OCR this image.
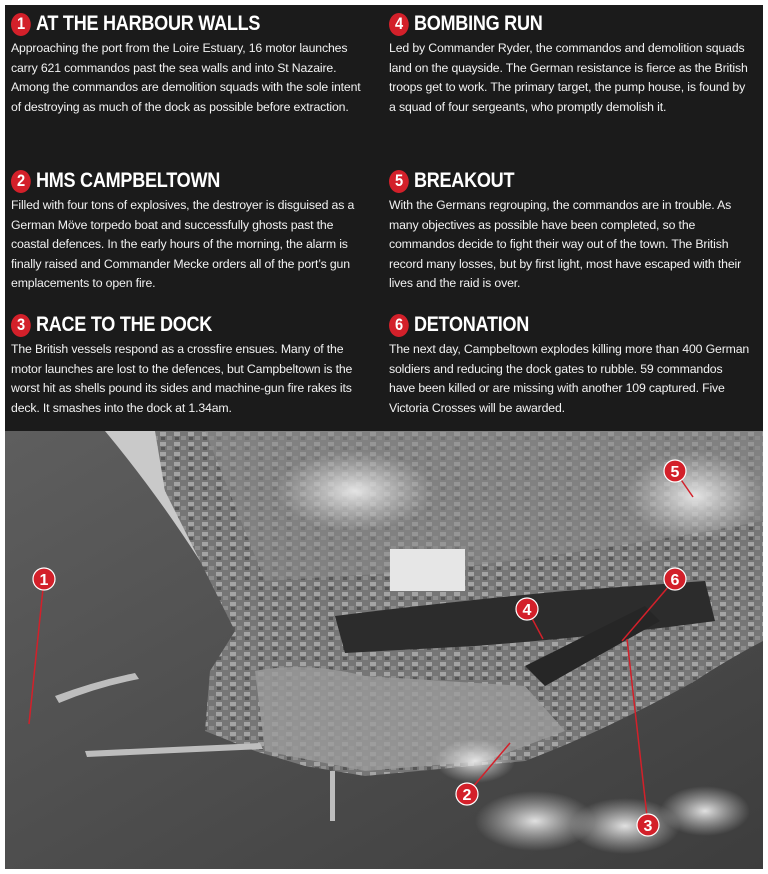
1 AT THE HARBOUR WALLS

Approaching the port from the Loire Estuary, 16 motor launches carry 621 commandos past the sea walls and into St Nazaire. Among the commandos are demolition squads with the sole intent of destroying as much of the dock as possible before extraction.

2 HMS CAMPBELTOWN

Filled with four tons of explosives, the destroyer is disguised as a German Möve torpedo boat and successfully ghosts past the coastal defences. In the early hours of the morning, the alarm is finally raised and Commander Mecke orders all of the port’s gun emplacements to open fire.

3 RACE TO THE DOCK

The British vessels respond as a crossfire ensues. Many of the motor launches are lost to the defences, but Campbeltown is the worst hit as shells pound its sides and machine-gun fire rakes its deck. It smashes into the dock at 1.34am.

4 BOMBING RUN

Led by Commander Ryder, the commandos and demolition squads land on the quayside. The German resistance is fierce as the British troops get to work. The primary target, the pump house, is found by a squad of four sergeants, who promptly demolish it.

5 BREAKOUT

With the Germans regrouping, the commandos are in trouble. As many objectives as possible have been completed, so the commandos decide to fight their way out of the town. The British record many losses, but by first light, most have escaped with their lives and the raid is over.

6 DETONATION

The next day, Campbeltown explodes killing more than 400 German soldiers and reducing the dock gates to rubble. 59 commandos have been killed or are missing with another 109 captured. Five Victoria Crosses will be awarded.

1
2
3
4
5
6
